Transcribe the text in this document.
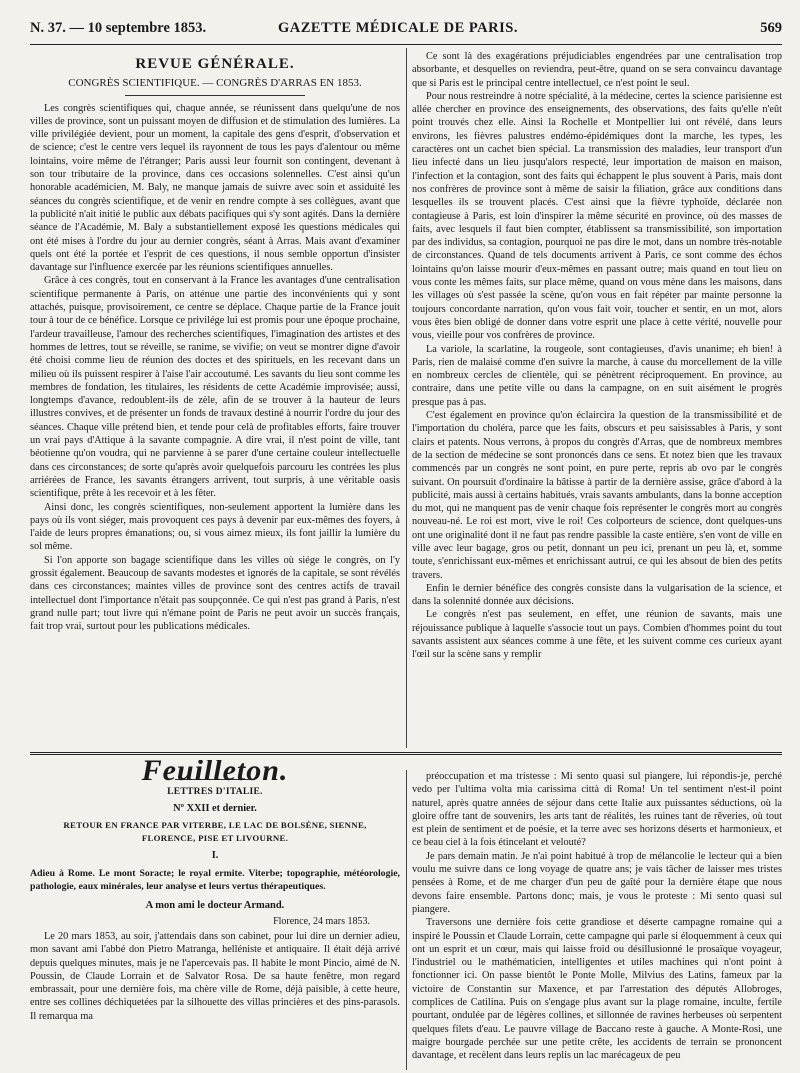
N. 37. — 10 septembre 1853.	GAZETTE MÉDICALE DE PARIS.	569
REVUE GÉNÉRALE.
CONGRÈS SCIENTIFIQUE. — CONGRÈS D'ARRAS EN 1853.

Les congrès scientifiques qui, chaque année, se réunissent dans quelqu'une de nos villes de province, sont un puissant moyen de diffusion et de stimulation des lumières. La ville privilégiée devient, pour un moment, la capitale des gens d'esprit, d'observation et de science; c'est le centre vers lequel ils rayonnent de tous les pays d'alentour ou même lointains, voire même de l'étranger; Paris aussi leur fournit son contingent, devenant à son tour tributaire de la province, dans ces occasions solennelles. C'est ainsi qu'un honorable académicien, M. Baly, ne manque jamais de suivre avec soin et assiduité les séances du congrès scientifique, et de venir en rendre compte à ses collègues, avant que la publicité n'ait initié le public aux débats pacifiques qui s'y sont agités. Dans la dernière séance de l'Académie, M. Baly a substantiellement exposé les questions médicales qui ont été mises à l'ordre du jour au dernier congrès, séant à Arras. Mais avant d'examiner quels ont été la portée et l'esprit de ces questions, il nous semble opportun d'insister davantage sur l'influence exercée par les réunions scientifiques annuelles.

Grâce à ces congrès, tout en conservant à la France les avantages d'une centralisation scientifique permanente à Paris, on atténue une partie des inconvénients qui y sont attachés, puisque, provisoirement, ce centre se déplace. Chaque partie de la France jouit tour à tour de ce bénéfice. Lorsque ce privilége lui est promis pour une époque prochaine, l'ardeur travailleuse, l'amour des recherches scientifiques, l'imagination des artistes et des hommes de lettres, tout se réveille, se ranime, se vivifie; on veut se montrer digne d'avoir été choisi comme lieu de réunion des doctes et des spirituels, en les recevant dans un milieu où ils puissent respirer à l'aise l'air accoutumé. Les savants du lieu sont comme les membres de fondation, les titulaires, les résidents de cette Académie improvisée; aussi, longtemps d'avance, redoublent-ils de zèle, afin de se trouver à la hauteur de leurs illustres convives, et de présenter un fonds de travaux destiné à nourrir l'ordre du jour des séances. Chaque ville prétend bien, et tende pour celà de profitables efforts, faire trouver un vrai pays d'Attique à la savante compagnie. A dire vrai, il n'est point de ville, tant béotienne qu'on voudra, qui ne parvienne à se parer d'une certaine couleur intellectuelle dans ces circonstances; de sorte qu'après avoir quelquefois parcouru les contrées les plus arriérées de France, les savants étrangers arrivent, tout surpris, à une véritable oasis scientifique, prête à les recevoir et à les fêter.

Ainsi donc, les congrès scientifiques, non-seulement apportent la lumière dans les pays où ils vont siéger, mais provoquent ces pays à devenir par eux-mêmes des foyers, à l'aide de leurs propres émanations; ou, si vous aimez mieux, ils font jaillir la lumière du sol même.

Si l'on apporte son bagage scientifique dans les villes où siége le congrès, on l'y grossit également. Beaucoup de savants modestes et ignorés de la capitale, se sont révélés dans ces circonstances; maintes villes de province sont des centres actifs de travail intellectuel dont l'importance n'était pas soupçonnée. Ce qui n'est pas grand à Paris, n'est grand nulle part; tout livre qui n'émane point de Paris ne peut avoir un succès français, fait trop vrai, surtout pour les publications médicales.

Ce sont là des exagérations préjudiciables engendrées par une centralisation trop absorbante, et desquelles on reviendra, peut-être, quand on se sera convaincu davantage que si Paris est le principal centre intellectuel, ce n'est point le seul.

Pour nous restreindre à notre spécialité, à la médecine, certes la science parisienne est allée chercher en province des enseignements, des observations, des faits qu'elle n'eût point trouvés chez elle. Ainsi la Rochelle et Montpellier lui ont révélé, dans leurs environs, les fièvres palustres endémo-épidémiques dont la marche, les types, les caractères ont un cachet bien spécial. La transmission des maladies, leur transport d'un lieu infecté dans un lieu jusqu'alors respecté, leur importation de maison en maison, l'infection et la contagion, sont des faits qui échappent le plus souvent à Paris, mais dont nos confrères de province sont à même de saisir la filiation, grâce aux conditions dans lesquelles ils se trouvent placés. C'est ainsi que la fièvre typhoïde, déclarée non contagieuse à Paris, est loin d'inspirer la même sécurité en province, où des masses de faits, avec lesquels il faut bien compter, établissent sa transmissibilité, son importation par des individus, sa contagion, pourquoi ne pas dire le mot, dans un nombre très-notable de circonstances. Quand de tels documents arrivent à Paris, ce sont comme des échos lointains qu'on laisse mourir d'eux-mêmes en passant outre; mais quand en tout lieu on vous conte les mêmes faits, sur place même, quand on vous mène dans les maisons, dans les villages où s'est passée la scène, qu'on vous en fait répéter par mainte personne la toujours concordante narration, qu'on vous fait voir, toucher et sentir, en un mot, alors vous êtes bien obligé de donner dans votre esprit une place à cette vérité, nouvelle pour vous, vieille pour vos confrères de province.

La variole, la scarlatine, la rougeole, sont contagieuses, d'avis unanime; eh bien! à Paris, rien de malaisé comme d'en suivre la marche, à cause du morcellement de la ville en nombreux cercles de clientèle, qui se pénètrent réciproquement. En province, au contraire, dans une petite ville ou dans la campagne, on en suit aisément le progrès presque pas à pas.

C'est également en province qu'on éclaircira la question de la transmissibilité et de l'importation du choléra, parce que les faits, obscurs et peu saisissables à Paris, y sont clairs et patents. Nous verrons, à propos du congrès d'Arras, que de nombreux membres de la section de médecine se sont prononcés dans ce sens. Et notez bien que les travaux commencés par un congrès ne sont point, en pure perte, repris ab ovo par le congrès suivant. On poursuit d'ordinaire la bâtisse à partir de la dernière assise, grâce d'abord à la publicité, mais aussi à certains habitués, vrais savants ambulants, dans la bonne acception du mot, qui ne manquent pas de venir chaque fois représenter le congrès mort au congrès nouveau-né. Le roi est mort, vive le roi! Ces colporteurs de science, dont quelques-uns ont une originalité dont il ne faut pas rendre passible la caste entière, s'en vont de ville en ville avec leur bagage, gros ou petit, donnant un peu ici, prenant un peu là, et, somme toute, s'enrichissant eux-mêmes et enrichissant autrui, ce qui les absout de bien des petits travers.

Enfin le dernier bénéfice des congrès consiste dans la vulgarisation de la science, et dans la solennité donnée aux décisions.

Le congrès n'est pas seulement, en effet, une réunion de savants, mais une réjouissance publique à laquelle s'associe tout un pays. Combien d'hommes point du tout savants assistent aux séances comme à une fête, et les suivent comme ces curieux ayant l'œil sur la scène sans y remplir

Feuilleton.
LETTRES D'ITALIE.
Nº XXII et dernier.
RETOUR EN FRANCE PAR VITERBE, LE LAC DE BOLSÈNE, SIENNE, FLORENCE, PISE ET LIVOURNE.
I.
Adieu à Rome. Le mont Soracte; le royal ermite. Viterbe; topographie, météorologie, pathologie, eaux minérales, leur analyse et leurs vertus thérapeutiques.
A mon ami le docteur Armand.
Florence, 24 mars 1853.

Le 20 mars 1853, au soir, j'attendais dans son cabinet, pour lui dire un dernier adieu, mon savant ami l'abbé don Pietro Matranga, helléniste et antiquaire. Il était déjà arrivé depuis quelques minutes, mais je ne l'apercevais pas. Il habite le mont Pincio, aimé de N. Poussin, de Claude Lorrain et de Salvator Rosa. De sa haute fenêtre, mon regard embrassait, pour une dernière fois, ma chère ville de Rome, déjà paisible, à cette heure, entre ses collines déchiquetées par la silhouette des villas princières et des pins-parasols. Il remarqua ma

préoccupation et ma tristesse : Mi sento quasi sul piangere, lui répondis-je, perché vedo per l'ultima volta mia carissima città di Roma! Un tel sentiment n'est-il point naturel, après quatre années de séjour dans cette Italie aux puissantes séductions, où la gloire offre tant de souvenirs, les arts tant de réalités, les ruines tant de rêveries, où tout est plein de sentiment et de poésie, et la terre avec ses horizons déserts et harmonieux, et ce beau ciel à la fois étincelant et velouté?

Je pars demain matin. Je n'ai point habitué à trop de mélancolie le lecteur qui a bien voulu me suivre dans ce long voyage de quatre ans; je vais tâcher de laisser mes tristes pensées à Rome, et de me charger d'un peu de gaîté pour la dernière étape que nous devons faire ensemble. Partons donc; mais, je vous le proteste : Mi sento quasi sul piangere.

Traversons une dernière fois cette grandiose et déserte campagne romaine qui a inspiré le Poussin et Claude Lorrain, cette campagne qui parle si éloquemment à ceux qui ont un esprit et un cœur, mais qui laisse froid ou désillusionné le prosaïque voyageur, l'industriel ou le mathématicien, intelligentes et utiles machines qui n'ont point à fonctionner ici. On passe bientôt le Ponte Molle, Milvius des Latins, fameux par la victoire de Constantin sur Maxence, et par l'arrestation des députés Allobroges, complices de Catilina. Puis on s'engage plus avant sur la plage romaine, inculte, fertile pourtant, ondulée par de légères collines, et sillonnée de ravines herbeuses où serpentent quelques filets d'eau. Le pauvre village de Baccano reste à gauche. A Monte-Rosi, une maigre bourgade perchée sur une petite crête, les accidents de terrain se prononcent davantage, et recèlent dans leurs replis un lac marécageux de peu
